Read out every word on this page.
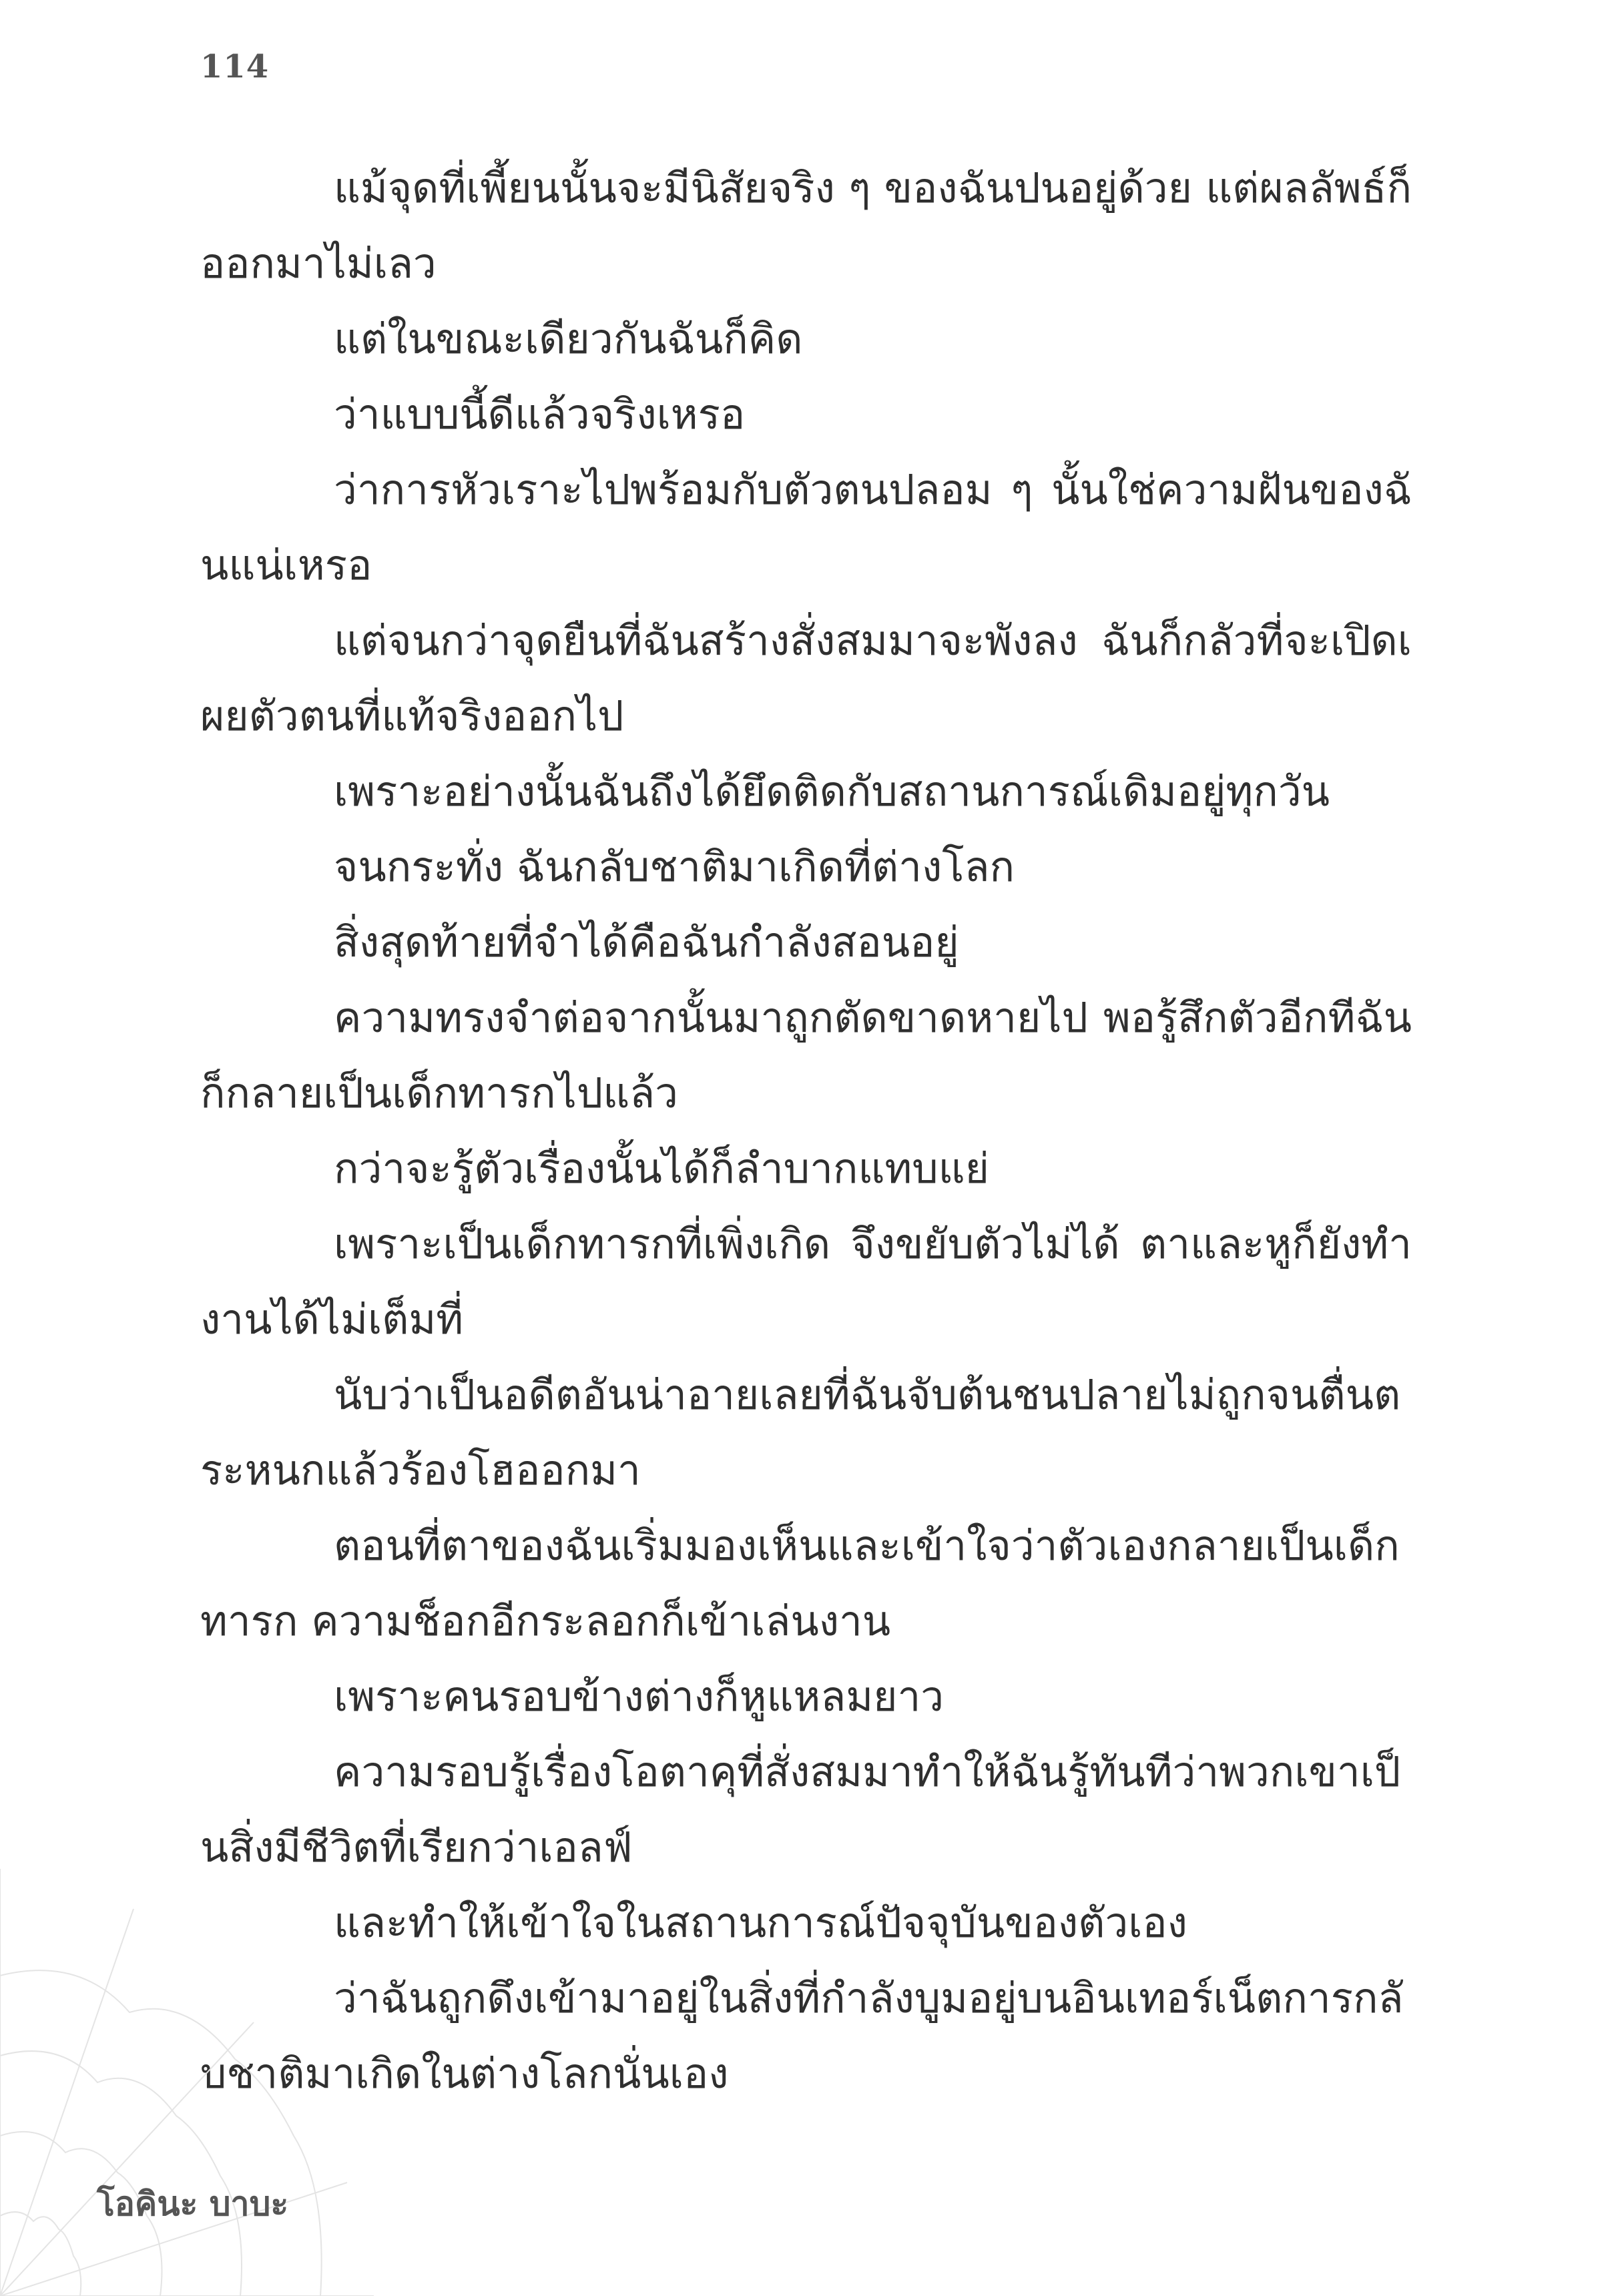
114

แม้จุดที่เพี้ยนนั้นจะมีนิสัยจริง ๆ ของฉันปนอยู่ด้วย แต่ผลลัพธ์ก็ออกมาไม่เลว

แต่ในขณะเดียวกันฉันก็คิด

ว่าแบบนี้ดีแล้วจริงเหรอ

ว่าการหัวเราะไปพร้อมกับตัวตนปลอม ๆ นั้นใช่ความฝันของฉันแน่เหรอ

แต่จนกว่าจุดยืนที่ฉันสร้างสั่งสมมาจะพังลง ฉันก็กลัวที่จะเปิดเผยตัวตนที่แท้จริงออกไป

เพราะอย่างนั้นฉันถึงได้ยึดติดกับสถานการณ์เดิมอยู่ทุกวัน

จนกระทั่ง ฉันกลับชาติมาเกิดที่ต่างโลก

สิ่งสุดท้ายที่จำได้คือฉันกำลังสอนอยู่

ความทรงจำต่อจากนั้นมาถูกตัดขาดหายไป พอรู้สึกตัวอีกทีฉันก็กลายเป็นเด็กทารกไปแล้ว

กว่าจะรู้ตัวเรื่องนั้นได้ก็ลำบากแทบแย่

เพราะเป็นเด็กทารกที่เพิ่งเกิด จึงขยับตัวไม่ได้ ตาและหูก็ยังทำงานได้ไม่เต็มที่

นับว่าเป็นอดีตอันน่าอายเลยที่ฉันจับต้นชนปลายไม่ถูกจนตื่นตระหนกแล้วร้องโฮออกมา

ตอนที่ตาของฉันเริ่มมองเห็นและเข้าใจว่าตัวเองกลายเป็นเด็กทารก ความช็อกอีกระลอกก็เข้าเล่นงาน

เพราะคนรอบข้างต่างก็หูแหลมยาว

ความรอบรู้เรื่องโอตาคุที่สั่งสมมาทำให้ฉันรู้ทันทีว่าพวกเขาเป็นสิ่งมีชีวิตที่เรียกว่าเอลฟ์

และทำให้เข้าใจในสถานการณ์ปัจจุบันของตัวเอง

ว่าฉันถูกดึงเข้ามาอยู่ในสิ่งที่กำลังบูมอยู่บนอินเทอร์เน็ตการกลับชาติมาเกิดในต่างโลกนั่นเอง

โอคินะ บาบะ
